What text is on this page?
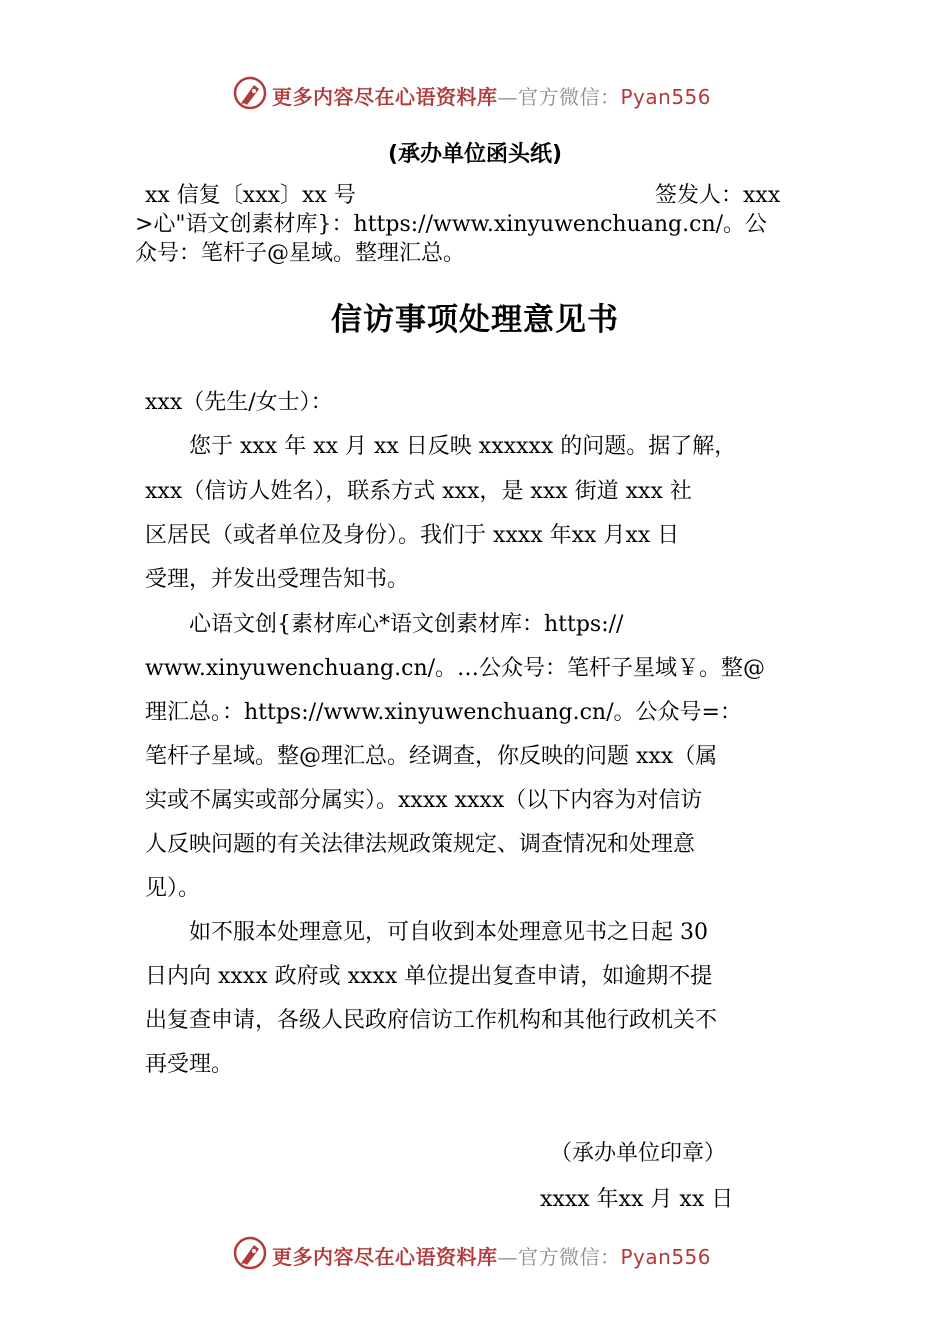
更多内容尽在心语资料库—官方微信：Pyan556
(承办单位函头纸)
xx 信复〔xxx〕xx 号	签发人：xxx
>心"语文创素材库}：https://www.xinyuwenchuang.cn/。公
众号：笔杆子@星域。整理汇总。
信访事项处理意见书
xxx（先生/女士）：
　　您于 xxx 年 xx 月 xx 日反映 xxxxxx 的问题。据了解，
xxx（信访人姓名），联系方式 xxx，是 xxx 街道 xxx 社
区居民（或者单位及身份）。我们于 xxxx 年xx 月xx 日
受理，并发出受理告知书。
　　心语文创{素材库心*语文创素材库：https://
www.xinyuwenchuang.cn/。…公众号：笔杆子星域￥。整@
理汇总。：https://www.xinyuwenchuang.cn/。公众号=：
笔杆子星域。整@理汇总。经调查，你反映的问题 xxx（属
实或不属实或部分属实）。xxxx xxxx（以下内容为对信访
人反映问题的有关法律法规政策规定、调查情况和处理意
见）。
　　如不服本处理意见，可自收到本处理意见书之日起 30
日内向 xxxx 政府或 xxxx 单位提出复查申请，如逾期不提
出复查申请，各级人民政府信访工作机构和其他行政机关不
再受理。
（承办单位印章）
xxxx 年xx 月 xx 日
更多内容尽在心语资料库—官方微信：Pyan556
